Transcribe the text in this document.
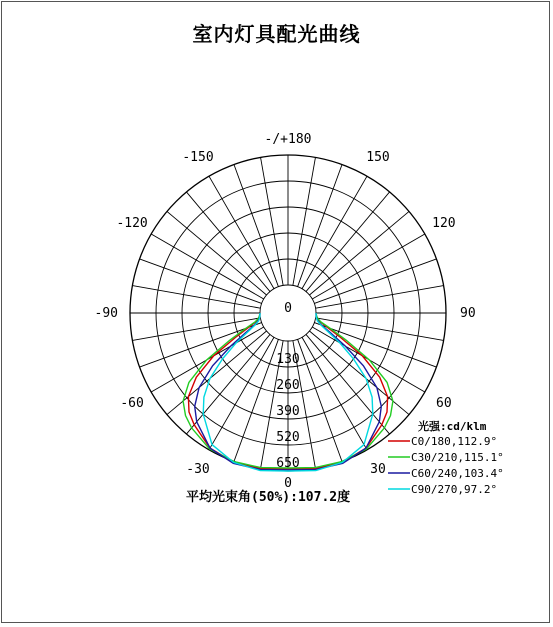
室内灯具配光曲线
-/+180
150
-150
120
-120
90
-90
60
-60
30
-30
0
0
130
260
390
520
650
平均光束角(50%):107.2度
光强:cd/klm
C0/180,112.9°
C30/210,115.1°
C60/240,103.4°
C90/270,97.2°
